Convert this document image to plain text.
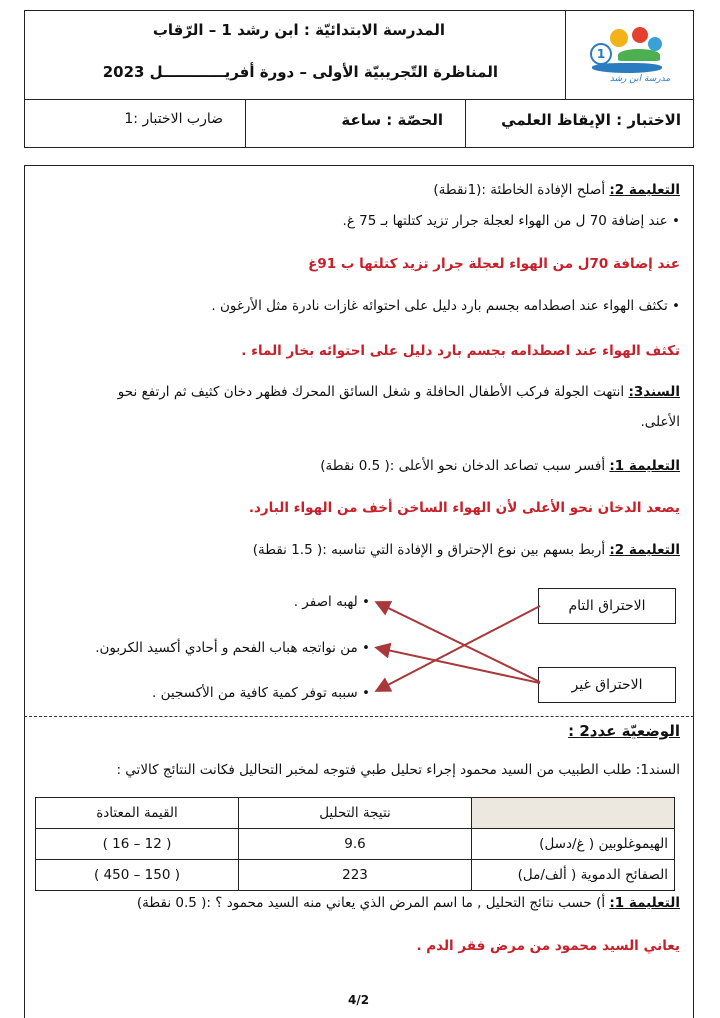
1
مدرسة ابن رشد
المدرسة الابتدائيّة : ابن رشد 1 – الرّقاب
المناظرة التّجريبيّة الأولى – دورة أفريــــــــــــل 2023
الاختبار : الإيقاظ العلمي
الحصّة : ساعة
ضارب الاختبار :1
التعليمة 2: أصلح الإفادة الخاطئة :(1نقطة)
• عند إضافة 70 ل من الهواء لعجلة جرار تزيد كتلتها بـ 75 غ.
عند إضافة 70ل من الهواء لعجلة جرار تزيد كتلتها ب 91غ
• تكثف الهواء عند اصطدامه بجسم بارد دليل على احتوائه غازات نادرة مثل الأرغون .
تكثف الهواء عند اصطدامه بجسم بارد دليل على احتوائه بخار الماء .
السند3: انتهت الجولة فركب الأطفال الحافلة و شغل السائق المحرك فظهر دخان كثيف ثم ارتفع نحو
الأعلى.
التعليمة 1: أفسر سبب تصاعد الدخان نحو الأعلى :( 0.5 نقطة)
يصعد الدخان نحو الأعلى لأن الهواء الساخن أخف من الهواء البارد.
التعليمة 2: أربط بسهم بين نوع الإحتراق و الإفادة التي تناسبه :( 1.5 نقطة)
• لهبه اصفر .
• من نواتجه هباب الفحم و أحادي أكسيد الكربون.
• سببه توفر كمية كافية من الأكسجين .
الاحتراق التام
الاحتراق غير
الوضعيّة عدد2 :
السند1: طلب الطبيب من السيد محمود إجراء تحليل طبي فتوجه لمخبر التحاليل فكانت النتائج كالاتي :
	نتيجة التحليل	القيمة المعتادة
الهيموغلوبين ( غ/دسل)	9.6	( 12 – 16 )
الصفائح الدموية ( ألف/مل)	223	( 150 – 450 )
التعليمة 1: أ) حسب نتائج التحليل , ما اسم المرض الذي يعاني منه السيد محمود ؟ :( 0.5 نقطة)
يعاني السيد محمود من مرض فقر الدم .
4/2
